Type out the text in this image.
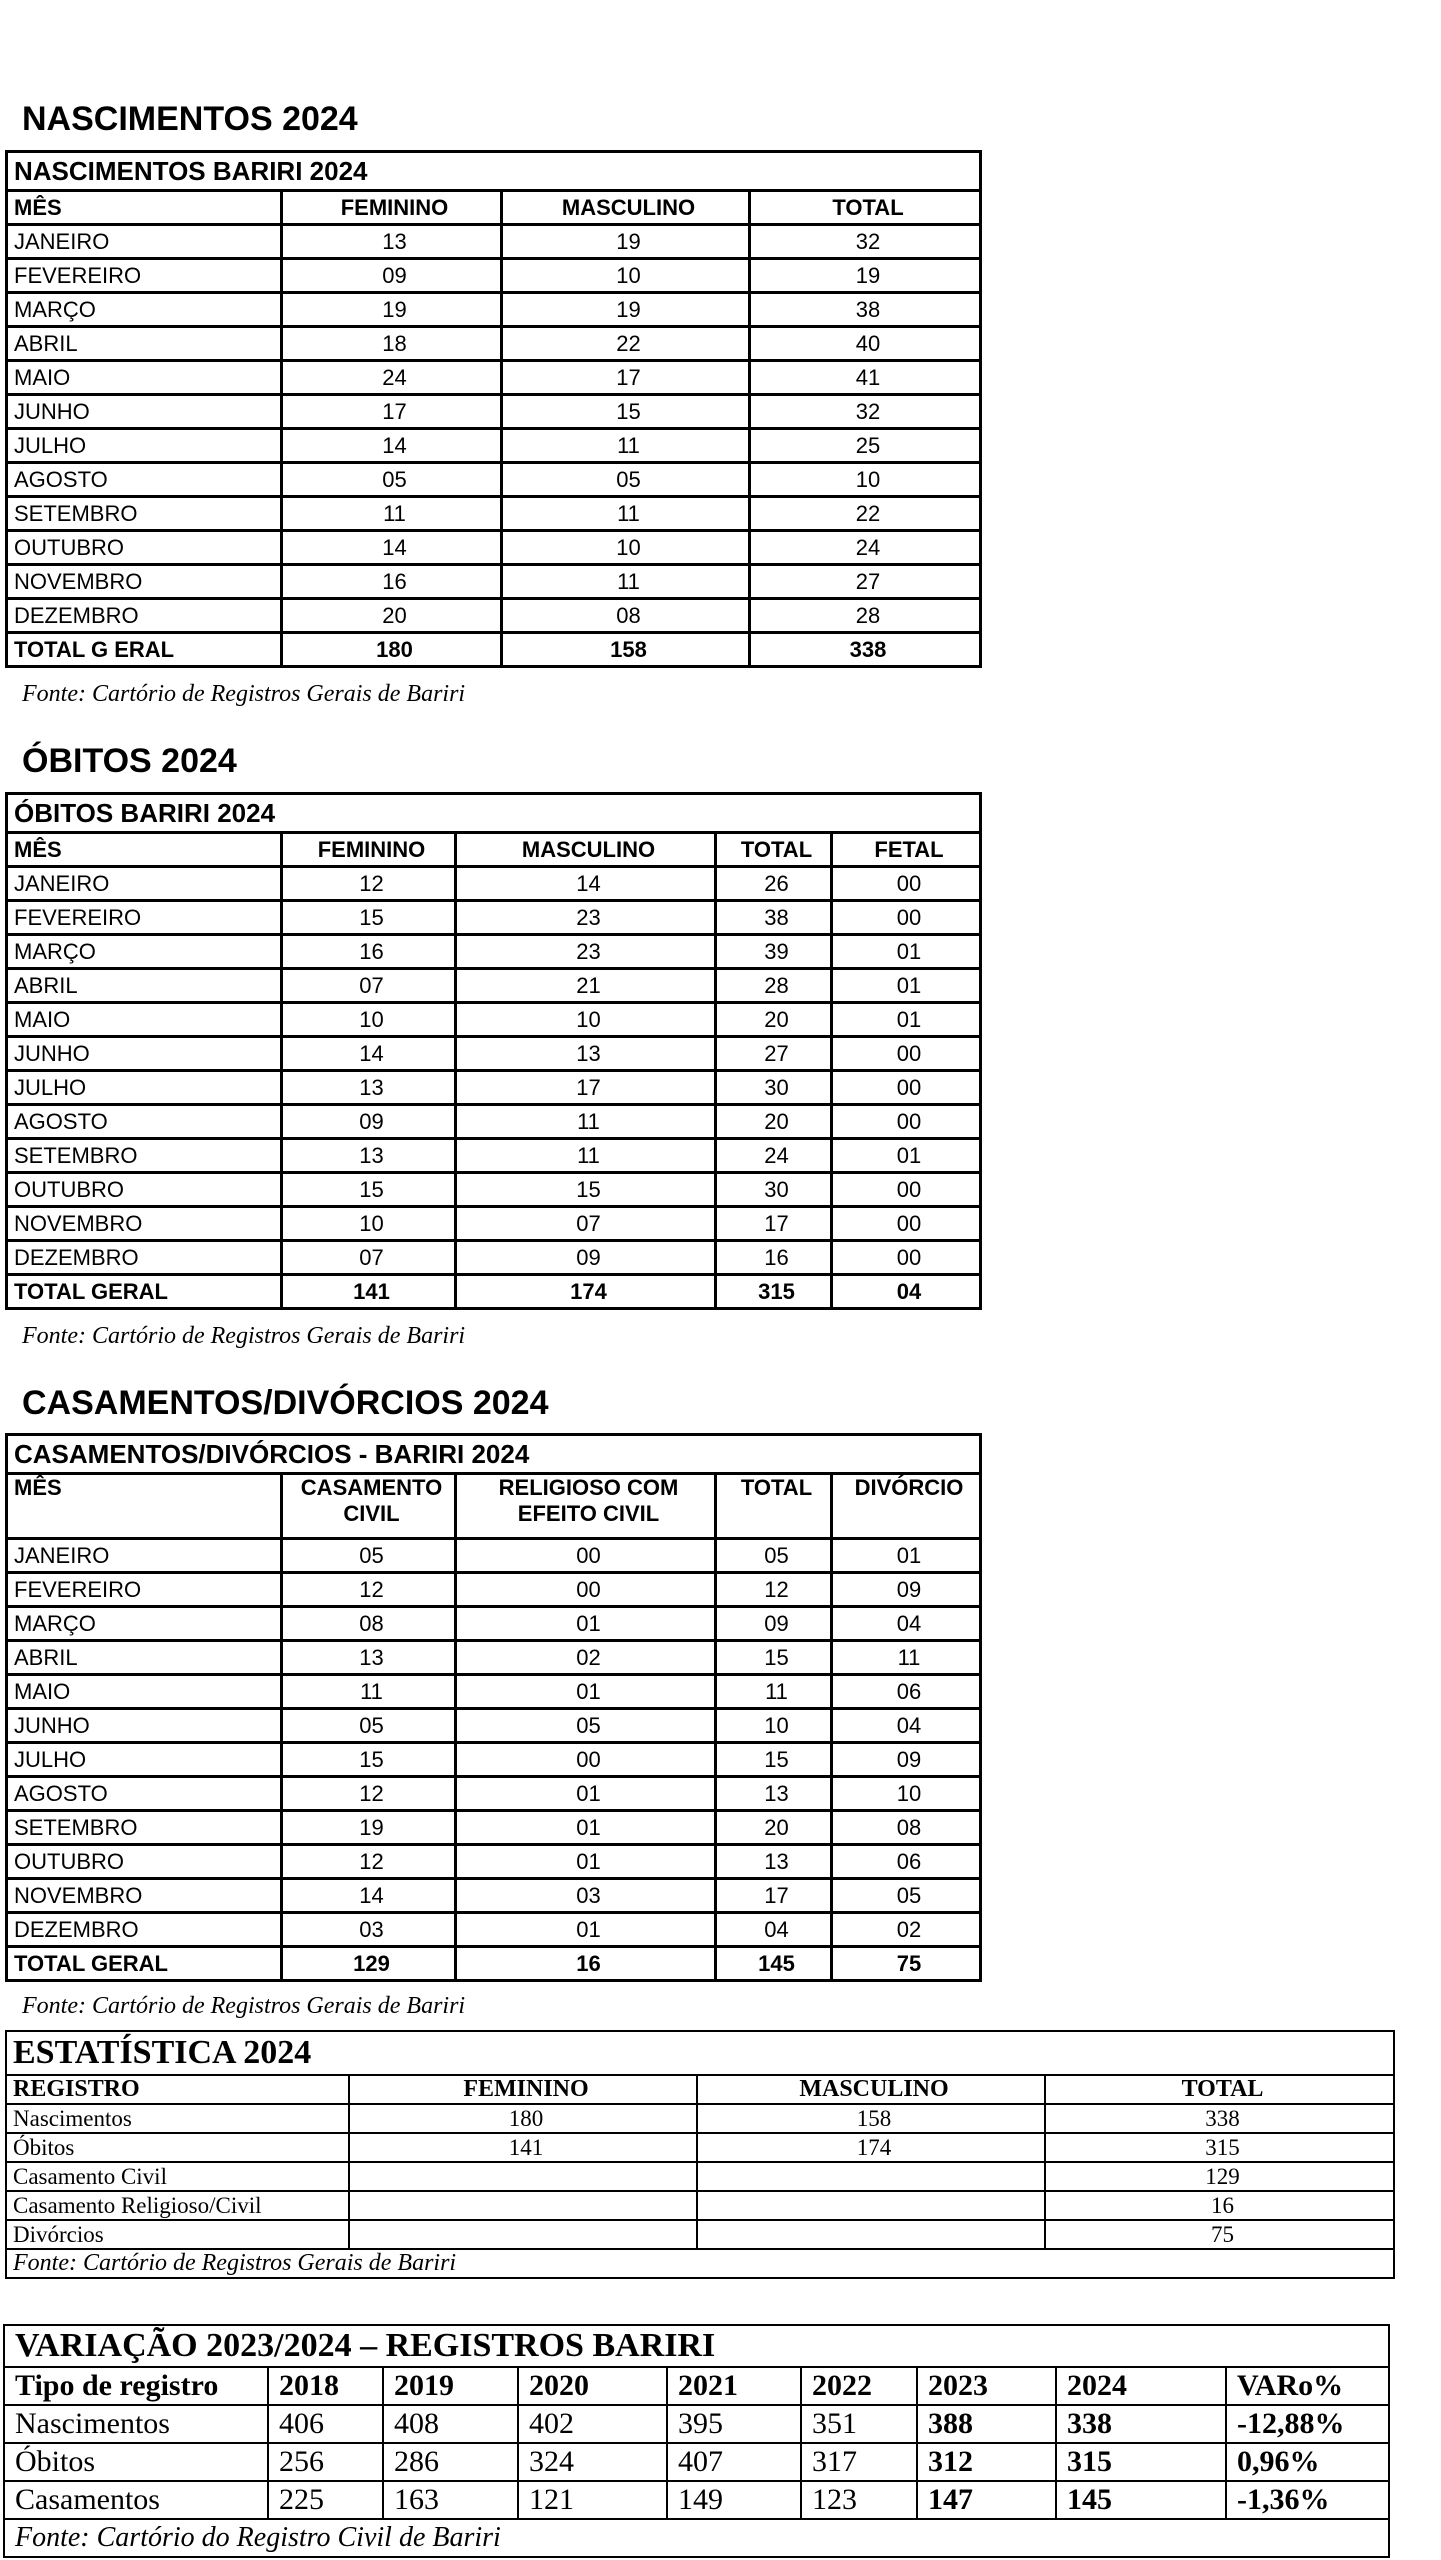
NASCIMENTOS 2024
NASCIMENTOS BARIRI 2024			
MÊS	FEMININO	MASCULINO	TOTAL
JANEIRO	13	19	32
FEVEREIRO	09	10	19
MARÇO	19	19	38
ABRIL	18	22	40
MAIO	24	17	41
JUNHO	17	15	32
JULHO	14	11	25
AGOSTO	05	05	10
SETEMBRO	11	11	22
OUTUBRO	14	10	24
NOVEMBRO	16	11	27
DEZEMBRO	20	08	28
TOTAL G ERAL	180	158	338
Fonte: Cartório de Registros Gerais de Bariri
ÓBITOS 2024
ÓBITOS BARIRI 2024				
MÊS	FEMININO	MASCULINO	TOTAL	FETAL
JANEIRO	12	14	26	00
FEVEREIRO	15	23	38	00
MARÇO	16	23	39	01
ABRIL	07	21	28	01
MAIO	10	10	20	01
JUNHO	14	13	27	00
JULHO	13	17	30	00
AGOSTO	09	11	20	00
SETEMBRO	13	11	24	01
OUTUBRO	15	15	30	00
NOVEMBRO	10	07	17	00
DEZEMBRO	07	09	16	00
TOTAL GERAL	141	174	315	04
Fonte: Cartório de Registros Gerais de Bariri
CASAMENTOS/DIVÓRCIOS 2024
CASAMENTOS/DIVÓRCIOS - BARIRI 2024				
MÊS	CASAMENTO CIVIL	RELIGIOSO COM EFEITO CIVIL	TOTAL	DIVÓRCIO
JANEIRO	05	00	05	01
FEVEREIRO	12	00	12	09
MARÇO	08	01	09	04
ABRIL	13	02	15	11
MAIO	11	01	11	06
JUNHO	05	05	10	04
JULHO	15	00	15	09
AGOSTO	12	01	13	10
SETEMBRO	19	01	20	08
OUTUBRO	12	01	13	06
NOVEMBRO	14	03	17	05
DEZEMBRO	03	01	04	02
TOTAL GERAL	129	16	145	75
Fonte: Cartório de Registros Gerais de Bariri
ESTATÍSTICA 2024			
REGISTRO	FEMININO	MASCULINO	TOTAL
Nascimentos	180	158	338
Óbitos	141	174	315
Casamento Civil			129
Casamento Religioso/Civil			16
Divórcios			75
Fonte: Cartório de Registros Gerais de Bariri			
VARIAÇÃO 2023/2024 – REGISTROS BARIRI								
Tipo de registro	2018	2019	2020	2021	2022	2023	2024	VARo%
Nascimentos	406	408	402	395	351	388	338	-12,88%
Óbitos	256	286	324	407	317	312	315	0,96%
Casamentos	225	163	121	149	123	147	145	-1,36%
Fonte: Cartório do Registro Civil de Bariri								
